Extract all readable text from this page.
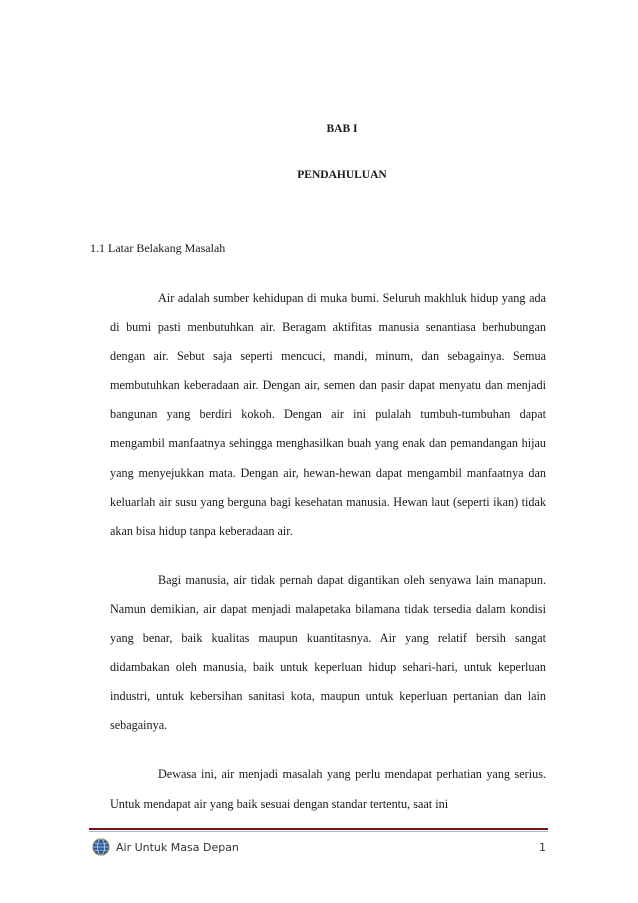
BAB I
PENDAHULUAN
1.1 Latar Belakang Masalah

Air adalah sumber kehidupan di muka bumi. Seluruh makhluk hidup yang ada di bumi pasti menbutuhkan air. Beragam aktifitas manusia senantiasa berhubungan dengan air. Sebut saja seperti mencuci, mandi, minum, dan sebagainya. Semua membutuhkan keberadaan air. Dengan air, semen dan pasir dapat menyatu dan menjadi bangunan yang berdiri kokoh. Dengan air ini pulalah tumbuh-tumbuhan dapat mengambil manfaatnya sehingga menghasilkan buah yang enak dan pemandangan hijau yang menyejukkan mata. Dengan air, hewan-hewan dapat mengambil manfaatnya dan keluarlah air susu yang berguna bagi kesehatan manusia. Hewan laut (seperti ikan) tidak akan bisa hidup tanpa keberadaan air.

Bagi manusia, air tidak pernah dapat digantikan oleh senyawa lain manapun. Namun demikian, air dapat menjadi malapetaka bilamana tidak tersedia dalam kondisi yang benar, baik kualitas maupun kuantitasnya. Air yang relatif bersih sangat didambakan oleh manusia, baik untuk keperluan hidup sehari-hari, untuk keperluan industri, untuk kebersihan sanitasi kota, maupun untuk keperluan pertanian dan lain sebagainya.

Dewasa ini, air menjadi masalah yang perlu mendapat perhatian yang serius. Untuk mendapat air yang baik sesuai dengan standar tertentu, saat ini

Air Untuk Masa Depan	1
